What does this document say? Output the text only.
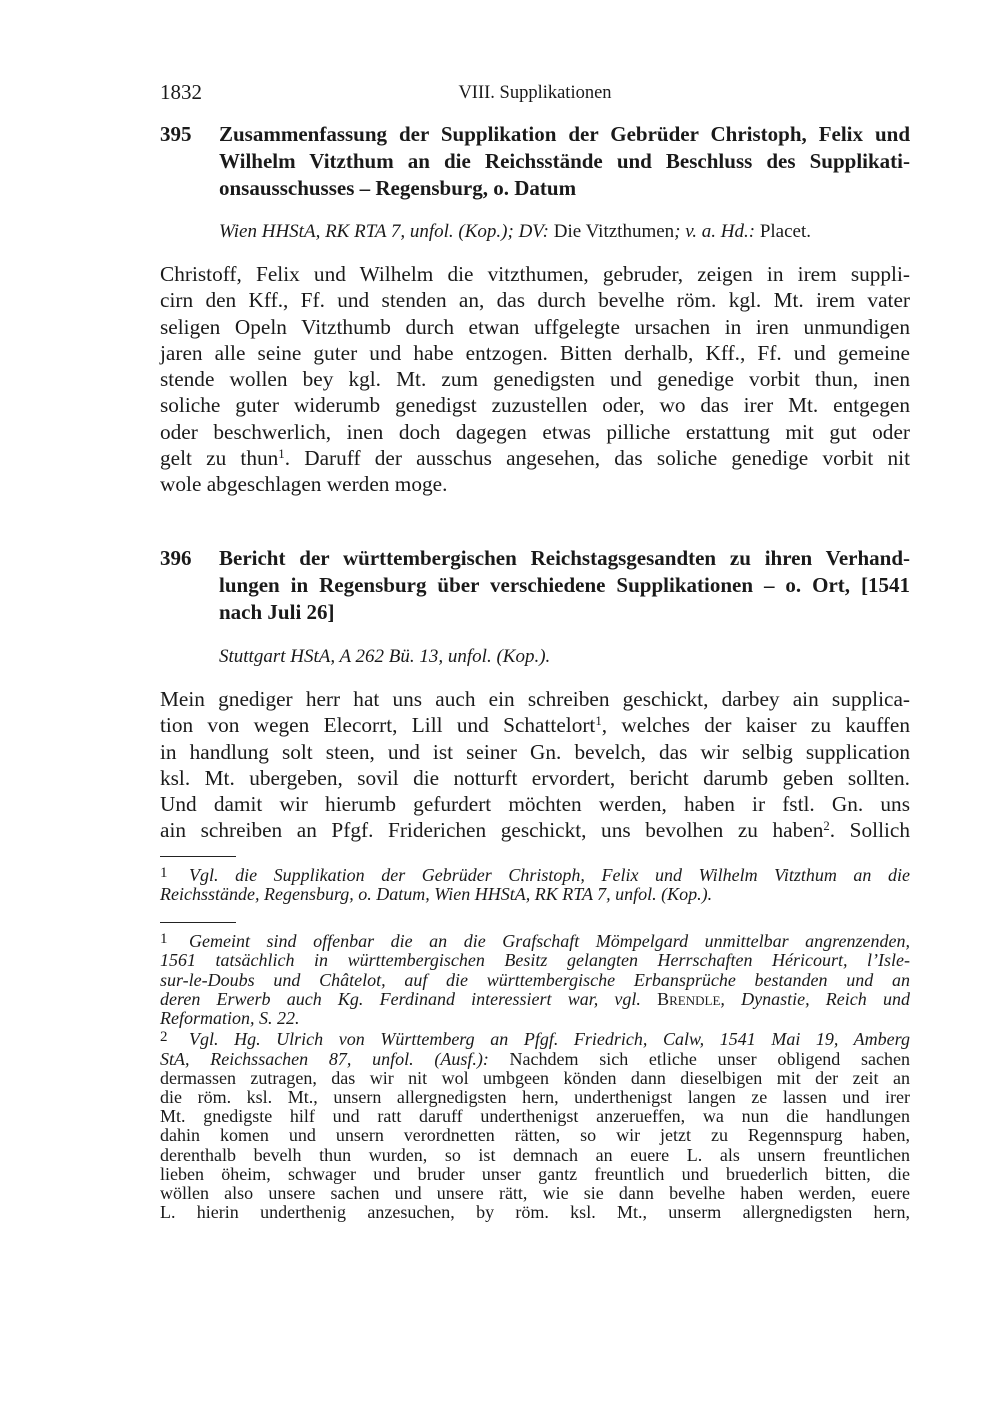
1832	VIII. Supplikationen
395 Zusammenfassung der Supplikation der Gebrüder Christoph, Felix und
Wilhelm Vitzthum an die Reichsstände und Beschluss des Supplikati-
onsausschusses – Regensburg, o. Datum
Wien HHStA, RK RTA 7, unfol. (Kop.); DV: Die Vitzthumen; v. a. Hd.: Placet.
Christoff, Felix und Wilhelm die vitzthumen, gebruder, zeigen in irem suppli-
cirn den Kff., Ff. und stenden an, das durch bevelhe röm. kgl. Mt. irem vater
seligen Opeln Vitzthumb durch etwan uffgelegte ursachen in iren unmundigen
jaren alle seine guter und habe entzogen. Bitten derhalb, Kff., Ff. und gemeine
stende wollen bey kgl. Mt. zum genedigsten und genedige vorbit thun, inen
soliche guter widerumb genedigst zuzustellen oder, wo das irer Mt. entgegen
oder beschwerlich, inen doch dagegen etwas pilliche erstattung mit gut oder
gelt zu thun$^1$. Daruff der ausschus angesehen, das soliche genedige vorbit nit
wole abgeschlagen werden moge.
396 Bericht der württembergischen Reichstagsgesandten zu ihren Verhand-
lungen in Regensburg über verschiedene Supplikationen – o. Ort, [1541
nach Juli 26]
Stuttgart HStA, A 262 Bü. 13, unfol. (Kop.).
Mein gnediger herr hat uns auch ein schreiben geschickt, darbey ain supplica-
tion von wegen Elecorrt, Lill und Schattelort$^1$, welches der kaiser zu kauffen
in handlung solt steen, und ist seiner Gn. bevelch, das wir selbig supplication
ksl. Mt. ubergeben, sovil die notturft ervordert, bericht darumb geben sollten.
Und damit wir hierumb gefurdert möchten werden, haben ir fstl. Gn. uns
ain schreiben an Pfgf. Friderichen geschickt, uns bevolhen zu haben$^2$. Sollich
1 Vgl. die Supplikation der Gebrüder Christoph, Felix und Wilhelm Vitzthum an die
Reichsstände, Regensburg, o. Datum, Wien HHStA, RK RTA 7, unfol. (Kop.).
1 Gemeint sind offenbar die an die Grafschaft Mömpelgard unmittelbar angrenzenden,
1561 tatsächlich in württembergischen Besitz gelangten Herrschaften Héricourt, l’Isle-
sur-le-Doubs und Châtelot, auf die württembergische Erbansprüche bestanden und an
deren Erwerb auch Kg. Ferdinand interessiert war, vgl. Brendle, Dynastie, Reich und
Reformation, S. 22.
2 Vgl. Hg. Ulrich von Württemberg an Pfgf. Friedrich, Calw, 1541 Mai 19, Amberg
StA, Reichssachen 87, unfol. (Ausf.): Nachdem sich etliche unser obligend sachen
dermassen zutragen, das wir nit wol umbgeen könden dann dieselbigen mit der zeit an
die röm. ksl. Mt., unsern allergnedigsten hern, underthenigst langen ze lassen und irer
Mt. gnedigste hilf und ratt daruff underthenigst anzerueffen, wa nun die handlungen
dahin komen und unsern verordnetten rätten, so wir jetzt zu Regennspurg haben,
derenthalb bevelh thun wurden, so ist demnach an euere L. als unsern freuntlichen
lieben öheim, schwager und bruder unser gantz freuntlich und bruederlich bitten, die
wöllen also unsere sachen und unsere rätt, wie sie dann bevelhe haben werden, euere
L. hierin underthenig anzesuchen, by röm. ksl. Mt., unserm allergnedigsten hern,
